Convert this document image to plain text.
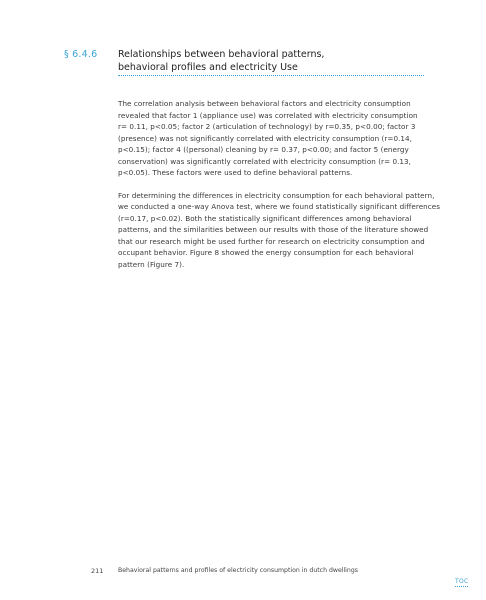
§ 6.4.6 Relationships between behavioral patterns,
behavioral profiles and electricity Use

The correlation analysis between behavioral factors and electricity consumption
revealed that factor 1 (appliance use) was correlated with electricity consumption
r= 0.11, p<0.05; factor 2 (articulation of technology) by r=0.35, p<0.00; factor 3
(presence) was not significantly correlated with electricity consumption (r=0.14,
p<0.15); factor 4 ((personal) cleaning by r= 0.37, p<0.00; and factor 5 (energy
conservation) was significantly correlated with electricity consumption (r= 0.13,
p<0.05). These factors were used to define behavioral patterns.

For determining the differences in electricity consumption for each behavioral pattern,
we conducted a one-way Anova test, where we found statistically significant differences
(r=0.17, p<0.02). Both the statistically significant differences among behavioral
patterns, and the similarities between our results with those of the literature showed
that our research might be used further for research on electricity consumption and
occupant behavior. Figure 8 showed the energy consumption for each behavioral
pattern (Figure 7).

211 Behavioral patterns and profiles of electricity consumption in dutch dwellings
TOC
